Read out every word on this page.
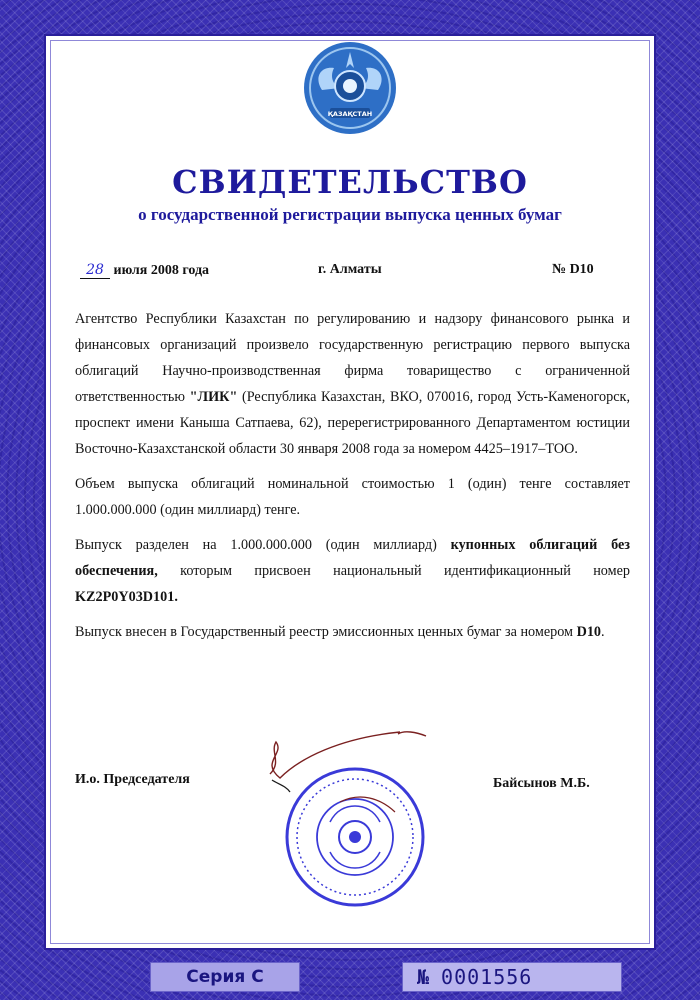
ҚАЗАҚСТАН
СВИДЕТЕЛЬСТВО
о государственной регистрации выпуска ценных бумаг
28 июля 2008 года	г. Алматы	№ D10

Агентство Республики Казахстан по регулированию и надзору финансового рынка и финансовых организаций произвело государственную регистрацию первого выпуска облигаций Научно-производственная фирма товарищество с ограниченной ответственностью "ЛИК" (Республика Казахстан, ВКО, 070016, город Усть-Каменогорск, проспект имени Каныша Сатпаева, 62), перерегистрированного Департаментом юстиции Восточно-Казахстанской области 30 января 2008 года за номером 4425–1917–ТОО.

Объем выпуска облигаций номинальной стоимостью 1 (один) тенге составляет 1.000.000.000 (один миллиард) тенге.

Выпуск разделен на 1.000.000.000 (один миллиард) купонных облигаций без обеспечения, которым присвоен национальный идентификационный номер KZ2P0Y03D101.

Выпуск внесен в Государственный реестр эмиссионных ценных бумаг за номером D10.

И.о. Председателя	Байсынов М.Б.
Серия С	№ 0001556
